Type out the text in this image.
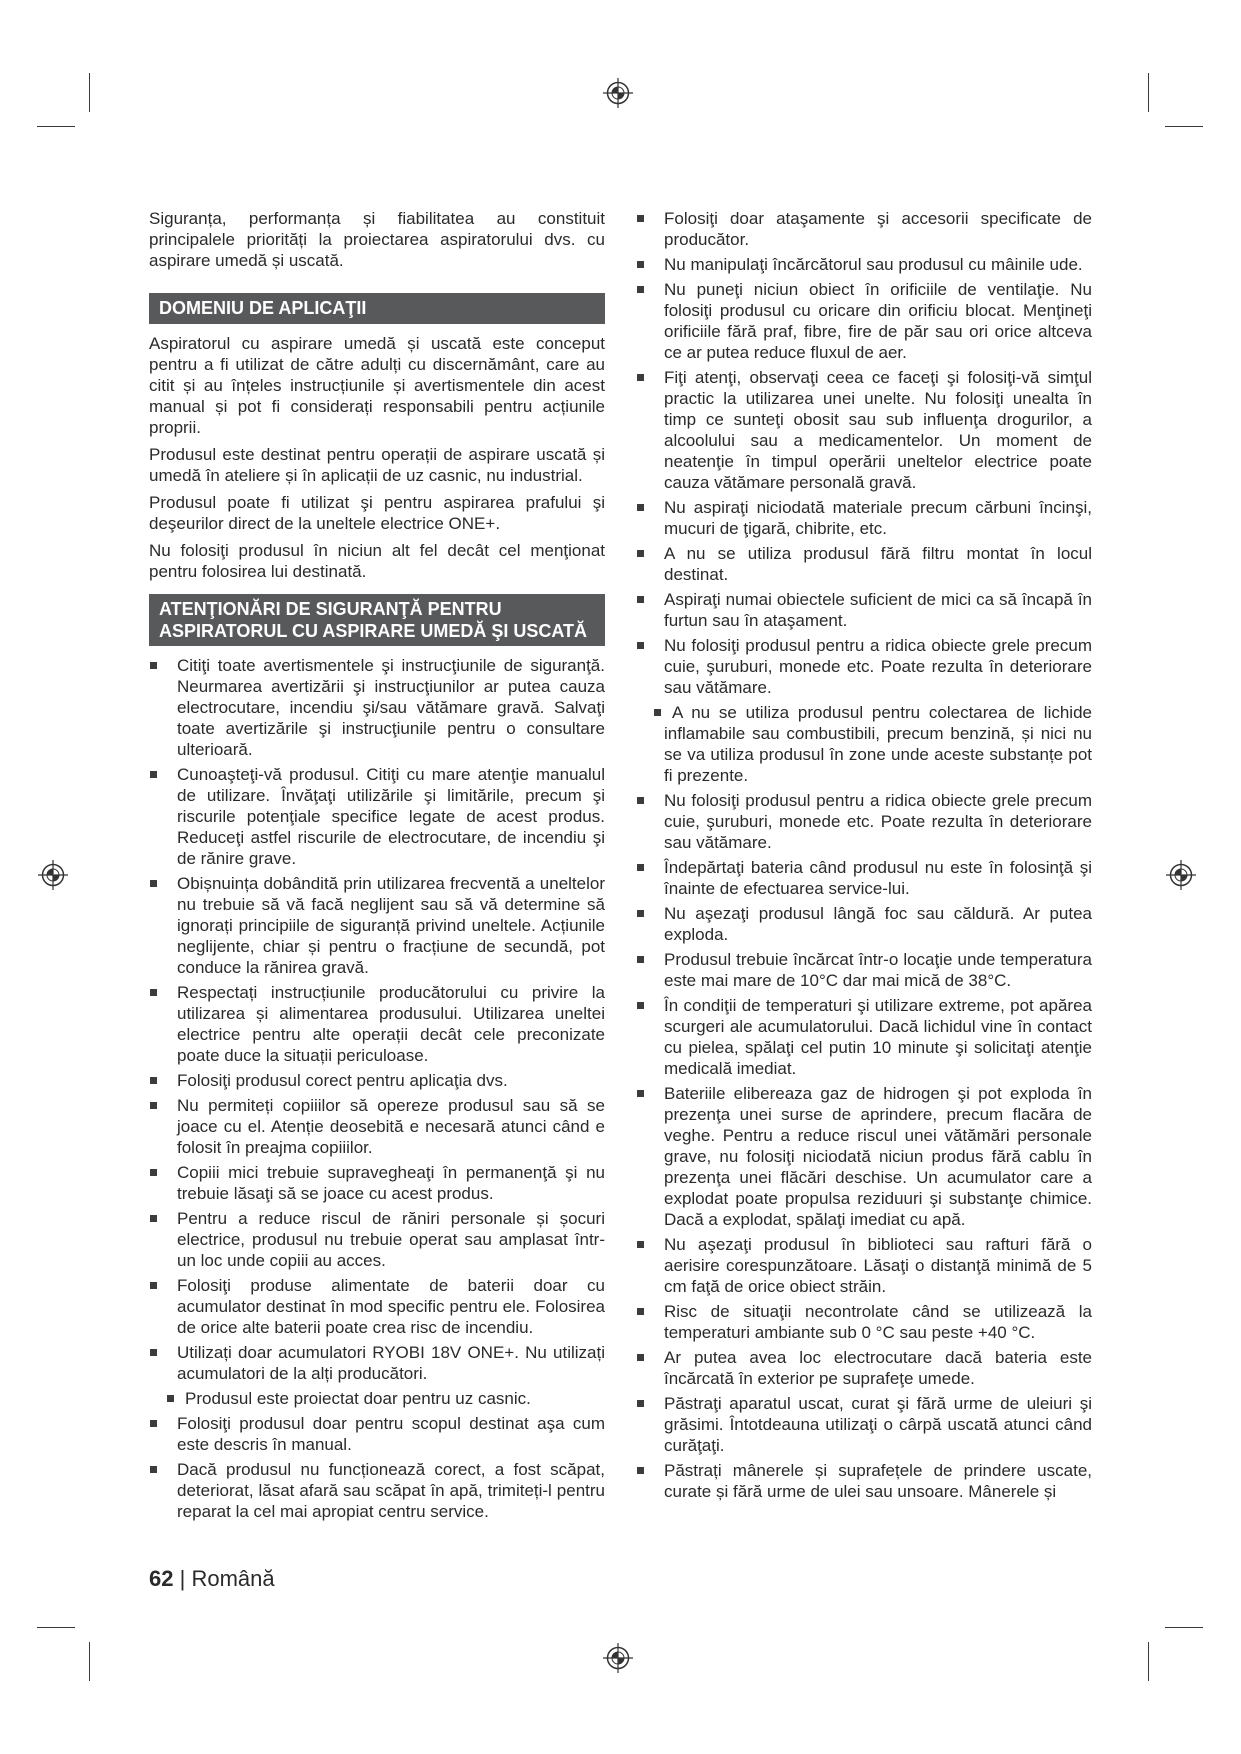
Siguranța, performanța și fiabilitatea au constituit principalele priorități la proiectarea aspiratorului dvs. cu aspirare umedă și uscată.

DOMENIU DE APLICAŢII

Aspiratorul cu aspirare umedă și uscată este conceput pentru a fi utilizat de către adulți cu discernământ, care au citit și au înțeles instrucțiunile și avertismentele din acest manual și pot fi considerați responsabili pentru acțiunile proprii.

Produsul este destinat pentru operații de aspirare uscată și umedă în ateliere și în aplicații de uz casnic, nu industrial.

Produsul poate fi utilizat şi pentru aspirarea prafului şi deşeurilor direct de la uneltele electrice ONE+.

Nu folosiţi produsul în niciun alt fel decât cel menţionat pentru folosirea lui destinată.

ATENŢIONĂRI DE SIGURANŢĂ PENTRU
ASPIRATORUL CU ASPIRARE UMEDĂ ŞI USCATĂ
Citiţi toate avertismentele şi instrucţiunile de siguranţă. Neurmarea avertizării şi instrucţiunilor ar putea cauza electrocutare, incendiu şi/sau vătămare gravă. Salvaţi toate avertizările şi instrucţiunile pentru o consultare ulterioară.
Cunoaşteţi-vă produsul. Citiţi cu mare atenţie manualul de utilizare. Învăţaţi utilizările şi limitările, precum şi riscurile potenţiale specifice legate de acest produs. Reduceţi astfel riscurile de electrocutare, de incendiu şi de rănire grave.
Obișnuința dobândită prin utilizarea frecventă a uneltelor nu trebuie să vă facă neglijent sau să vă determine să ignorați principiile de siguranță privind uneltele. Acțiunile neglijente, chiar și pentru o fracțiune de secundă, pot conduce la rănirea gravă.
Respectați instrucțiunile producătorului cu privire la utilizarea și alimentarea produsului. Utilizarea uneltei electrice pentru alte operații decât cele preconizate poate duce la situații periculoase.
Folosiţi produsul corect pentru aplicaţia dvs.
Nu permiteți copiiilor să opereze produsul sau să se joace cu el. Atenție deosebită e necesară atunci când e folosit în preajma copiiilor.
Copiii mici trebuie supravegheaţi în permanenţă şi nu trebuie lăsaţi să se joace cu acest produs.
Pentru a reduce riscul de răniri personale și șocuri electrice, produsul nu trebuie operat sau amplasat într-un loc unde copiii au acces.
Folosiţi produse alimentate de baterii doar cu acumulator destinat în mod specific pentru ele. Folosirea de orice alte baterii poate crea risc de incendiu.
Utilizați doar acumulatori RYOBI 18V ONE+. Nu utilizați acumulatori de la alți producători.
Produsul este proiectat doar pentru uz casnic.
Folosiţi produsul doar pentru scopul destinat aşa cum este descris în manual.
Dacă produsul nu funcționează corect, a fost scăpat, deteriorat, lăsat afară sau scăpat în apă, trimiteți-l pentru reparat la cel mai apropiat centru service.
Folosiţi doar ataşamente şi accesorii specificate de producător.
Nu manipulaţi încărcătorul sau produsul cu mâinile ude.
Nu puneţi niciun obiect în orificiile de ventilaţie. Nu folosiţi produsul cu oricare din orificiu blocat. Menţineţi orificiile fără praf, fibre, fire de păr sau ori orice altceva ce ar putea reduce fluxul de aer.
Fiţi atenţi, observaţi ceea ce faceţi şi folosiţi-vă simţul practic la utilizarea unei unelte. Nu folosiţi unealta în timp ce sunteţi obosit sau sub influenţa drogurilor, a alcoolului sau a medicamentelor. Un moment de neatenţie în timpul operării uneltelor electrice poate cauza vătămare personală gravă.
Nu aspiraţi niciodată materiale precum cărbuni încinşi, mucuri de ţigară, chibrite, etc.
A nu se utiliza produsul fără filtru montat în locul destinat.
Aspiraţi numai obiectele suficient de mici ca să încapă în furtun sau în ataşament.
Nu folosiţi produsul pentru a ridica obiecte grele precum cuie, şuruburi, monede etc. Poate rezulta în deteriorare sau vătămare.
A nu se utiliza produsul pentru colectarea de lichide inflamabile sau combustibili, precum benzină, și nici nu se va utiliza produsul în zone unde aceste substanțe pot fi prezente.
Nu folosiţi produsul pentru a ridica obiecte grele precum cuie, şuruburi, monede etc. Poate rezulta în deteriorare sau vătămare.
Îndepărtaţi bateria când produsul nu este în folosinţă şi înainte de efectuarea service-lui.
Nu aşezaţi produsul lângă foc sau căldură. Ar putea exploda.
Produsul trebuie încărcat într-o locaţie unde temperatura este mai mare de 10°C dar mai mică de 38°C.
În condiţii de temperaturi şi utilizare extreme, pot apărea scurgeri ale acumulatorului. Dacă lichidul vine în contact cu pielea, spălaţi cel putin 10 minute şi solicitaţi atenţie medicală imediat.
Bateriile elibereaza gaz de hidrogen şi pot exploda în prezenţa unei surse de aprindere, precum flacăra de veghe. Pentru a reduce riscul unei vătămări personale grave, nu folosiţi niciodată niciun produs fără cablu în prezenţa unei flăcări deschise. Un acumulator care a explodat poate propulsa reziduuri şi substanţe chimice. Dacă a explodat, spălaţi imediat cu apă.
Nu aşezaţi produsul în biblioteci sau rafturi fără o aerisire corespunzătoare. Lăsaţi o distanţă minimă de 5 cm faţă de orice obiect străin.
Risc de situaţii necontrolate când se utilizează la temperaturi ambiante sub 0 °C sau peste +40 °C.
Ar putea avea loc electrocutare dacă bateria este încărcată în exterior pe suprafeţe umede.
Păstraţi aparatul uscat, curat şi fără urme de uleiuri şi grăsimi. Întotdeauna utilizaţi o cârpă uscată atunci când curăţaţi.
Păstrați mânerele și suprafețele de prindere uscate, curate și fără urme de ulei sau unsoare. Mânerele și
62 | Română
